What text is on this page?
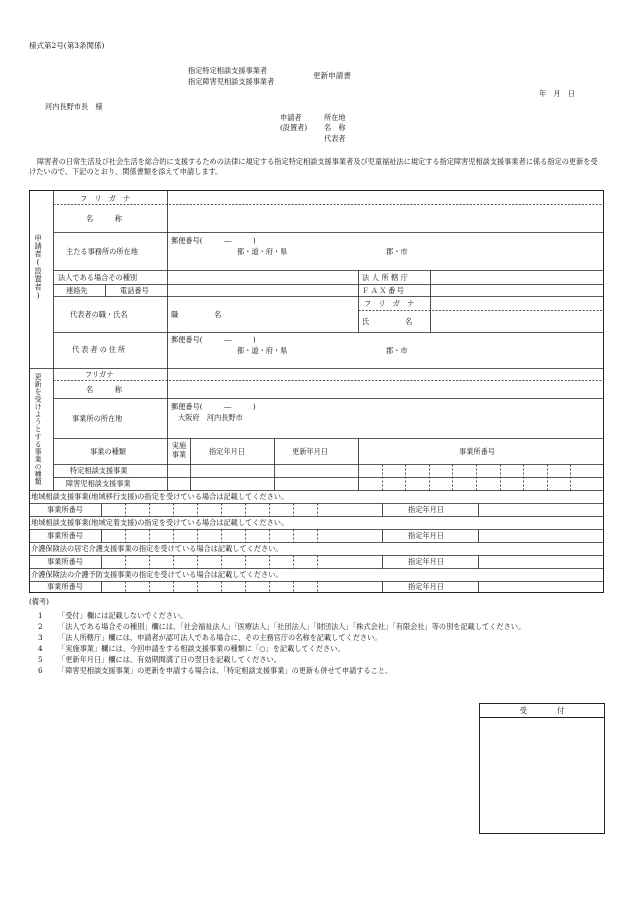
様式第2号(第3条関係)
指定特定相談支援事業者
指定障害児相談支援事業者
更新申請書
年　月　日
河内長野市長　様
申請者	所在地
(設置者)	名　称
代表者
障害者の日常生活及び社会生活を総合的に支援するための法律に規定する指定特定相談支援事業者及び児童福祉法に規定する指定障害児相談支援事業者に係る指定の更新を受けたいので、下記のとおり、関係書類を添えて申請します。
申請者(設置者)
フ　リ　ガ　ナ
名　　　称
主たる事務所の所在地
郵便番号(　　　―　　　)
都・道・府・県	郡・市
法人である場合その種別	法人所轄庁
連絡先	電話番号	ＦＡＸ番号
代表者の職・氏名	職　　　　　名
フ　リ　ガ　ナ
氏　　　　　名
代表者の住所
郵便番号(　　　―　　　)
都・道・府・県	郡・市
更新を受けようとする事業の種類	フリガナ
名　　　称
事業所の所在地
郵便番号(　　　―　　　)
大阪府　河内長野市
事業の種類
実施事業	指定年月日	更新年月日	事業所番号
特定相談支援事業
障害児相談支援事業
地域相談支援事業(地域移行支援)の指定を受けている場合は記載してください。
事業所番号	指定年月日
地域相談支援事業(地域定着支援)の指定を受けている場合は記載してください。
事業所番号	指定年月日
介護保険法の居宅介護支援事業の指定を受けている場合は記載してください。
事業所番号	指定年月日
介護保険法の介護予防支援事業の指定を受けている場合は記載してください。
事業所番号	指定年月日
(備考)
1	「受付」欄には記載しないでください。
2	「法人である場合その種別」欄には、「社会福祉法人」「医療法人」「社団法人」「財団法人」「株式会社」「有限会社」等の別を記載してください。
3	「法人所轄庁」欄には、申請者が認可法人である場合に、その主務官庁の名称を記載してください。
4	「実施事業」欄には、今回申請をする相談支援事業の種類に「○」を記載してください。
5	「更新年月日」欄には、有効期間満了日の翌日を記載してください。
6	「障害児相談支援事業」の更新を申請する場合は、「特定相談支援事業」の更新も併せて申請すること。
受付
